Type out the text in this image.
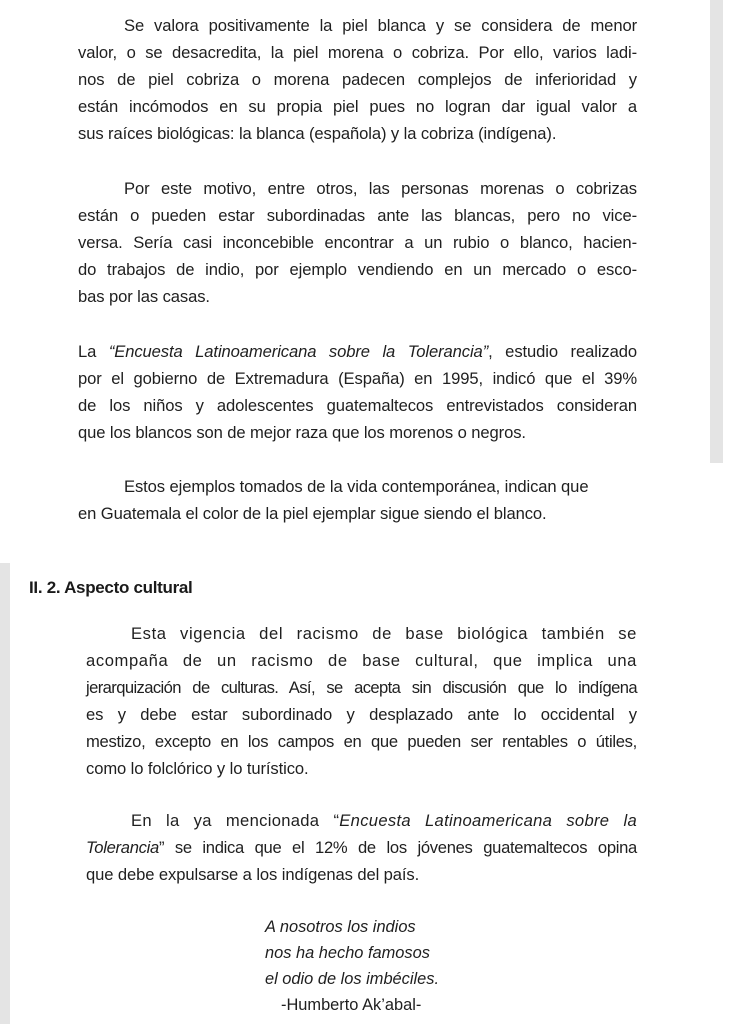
Se valora positivamente la piel blanca y se considera de menor
valor, o se desacredita, la piel morena o cobriza. Por ello, varios ladi-
nos de piel cobriza o morena padecen complejos de inferioridad y
están incómodos en su propia piel pues no logran dar igual valor a
sus raíces biológicas: la blanca (española) y la cobriza (indígena).

Por este motivo, entre otros, las personas morenas o cobrizas
están o pueden estar subordinadas ante las blancas, pero no vice-
versa. Sería casi inconcebible encontrar a un rubio o blanco, hacien-
do trabajos de indio, por ejemplo vendiendo en un mercado o esco-
bas por las casas.

La “Encuesta Latinoamericana sobre la Tolerancia”, estudio realizado
por el gobierno de Extremadura (España) en 1995, indicó que el 39%
de los niños y adolescentes guatemaltecos entrevistados consideran
que los blancos son de mejor raza que los morenos o negros.

Estos ejemplos tomados de la vida contemporánea, indican que
en Guatemala el color de la piel ejemplar sigue siendo el blanco.

II. 2. Aspecto cultural

Esta vigencia del racismo de base biológica también se
acompaña de un racismo de base cultural, que implica una
jerarquización de culturas. Así, se acepta sin discusión que lo indígena
es y debe estar subordinado y desplazado ante lo occidental y
mestizo, excepto en los campos en que pueden ser rentables o útiles,
como lo folclórico y lo turístico.

En la ya mencionada “Encuesta Latinoamericana sobre la
Tolerancia” se indica que el 12% de los jóvenes guatemaltecos opina
que debe expulsarse a los indígenas del país.

A nosotros los indios
nos ha hecho famosos
el odio de los imbéciles.
-Humberto Ak’abal-
